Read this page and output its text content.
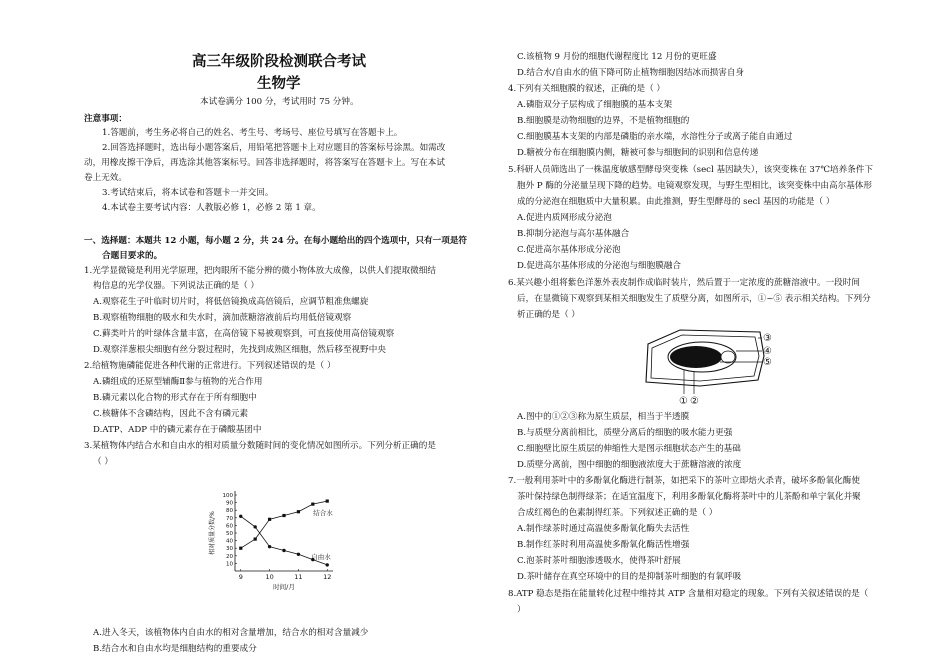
高三年级阶段检测联合考试
生物学
本试卷满分 100 分，考试用时 75 分钟。
注意事项：
1.答题前，考生务必将自己的姓名、考生号、考场号、座位号填写在答题卡上。
2.回答选择题时，选出每小题答案后，用铅笔把答题卡上对应题目的答案标号涂黑。如需改
动，用橡皮擦干净后，再选涂其他答案标号。回答非选择题时，将答案写在答题卡上。写在本试
卷上无效。
3.考试结束后，将本试卷和答题卡一并交回。
4.本试卷主要考试内容：人教版必修 1，必修 2 第 1 章。
一、选择题：本题共 12 小题，每小题 2 分，共 24 分。在每小题给出的四个选项中，只有一项是符
合题目要求的。
1.光学显微镜是利用光学原理，把肉眼所不能分辨的微小物体放大成像，以供人们提取微细结
构信息的光学仪器。下列说法正确的是（ ）
A.观察花生子叶临时切片时，将低倍镜换成高倍镜后，应调节粗准焦螺旋
B.观察植物细胞的吸水和失水时，滴加蔗糖溶液前后均用低倍镜观察
C.藓类叶片的叶绿体含量丰富，在高倍镜下易被观察到，可直接使用高倍镜观察
D.观察洋葱根尖细胞有丝分裂过程时，先找到成熟区细胞，然后移至视野中央
2.给植物施磷能促进各种代谢的正常进行。下列叙述错误的是（ ）
A.磷组成的还原型辅酶Ⅱ参与植物的光合作用
B.磷元素以化合物的形式存在于所有细胞中
C.核糖体不含磷结构，因此不含有磷元素
D.ATP、ADP 中的磷元素存在于磷酸基团中
3.某植物体内结合水和自由水的相对质量分数随时间的变化情况如图所示。下列分析正确的是
（ ）
10
20
30
40
50
60
70
80
90
100
9	10	11	12
结合水
自由水
相对质量分数/%
时间/月
A.进入冬天，该植物体内自由水的相对含量增加，结合水的相对含量减少
B.结合水和自由水均是细胞结构的重要成分
C.该植物 9 月份的细胞代谢程度比 12 月份的更旺盛
D.结合水/自由水的值下降可防止植物细胞因结冰而损害自身
4.下列有关细胞膜的叙述，正确的是（ ）
A.磷脂双分子层构成了细胞膜的基本支架
B.细胞膜是动物细胞的边界，不是植物细胞的
C.细胞膜基本支架的内部是磷脂的亲水端，水溶性分子或离子能自由通过
D.糖被分布在细胞膜内侧，糖被可参与细胞间的识别和信息传递
5.科研人员筛选出了一株温度敏感型酵母突变株（secl 基因缺失），该突变株在 37℃培养条件下
胞外 P 酶的分泌量呈现下降的趋势。电镜观察发现，与野生型相比，该突变株中由高尔基体形
成的分泌泡在细胞质中大量积累。由此推测，野生型酵母的 secl 基因的功能是（ ）
A.促进内质网形成分泌泡
B.抑制分泌泡与高尔基体融合
C.促进高尔基体形成分泌泡
D.促进高尔基体形成的分泌泡与细胞膜融合
6.某兴趣小组将紫色洋葱外表皮制作成临时装片，然后置于一定浓度的蔗糖溶液中。一段时间
后，在显微镜下观察到某相关细胞发生了质壁分离，如图所示，①~⑤ 表示相关结构。下列分
析正确的是（ ）
③
④
⑤
① ②
A.图中的①②③称为原生质层，相当于半透膜
B.与质壁分离前相比，质壁分离后的细胞的吸水能力更强
C.细胞壁比原生质层的伸缩性大是图示细胞状态产生的基础
D.质壁分离前，图中细胞的细胞液浓度大于蔗糖溶液的浓度
7.一般利用茶叶中的多酚氧化酶进行制茶，如把采下的茶叶立即焙火杀青，破坏多酚氧化酶使
茶叶保持绿色制得绿茶；在适宜温度下，利用多酚氧化酶将茶叶中的儿茶酚和单宁氧化并聚
合成红褐色的色素制得红茶。下列叙述正确的是（ ）
A.制作绿茶时通过高温使多酚氧化酶失去活性
B.制作红茶时利用高温使多酚氧化酶活性增强
C.泡茶时茶叶细胞渗透吸水，使得茶叶舒展
D.茶叶储存在真空环境中的目的是抑制茶叶细胞的有氧呼吸
8.ATP 稳态是指在能量转化过程中维持其 ATP 含量相对稳定的现象。下列有关叙述错误的是（
）
